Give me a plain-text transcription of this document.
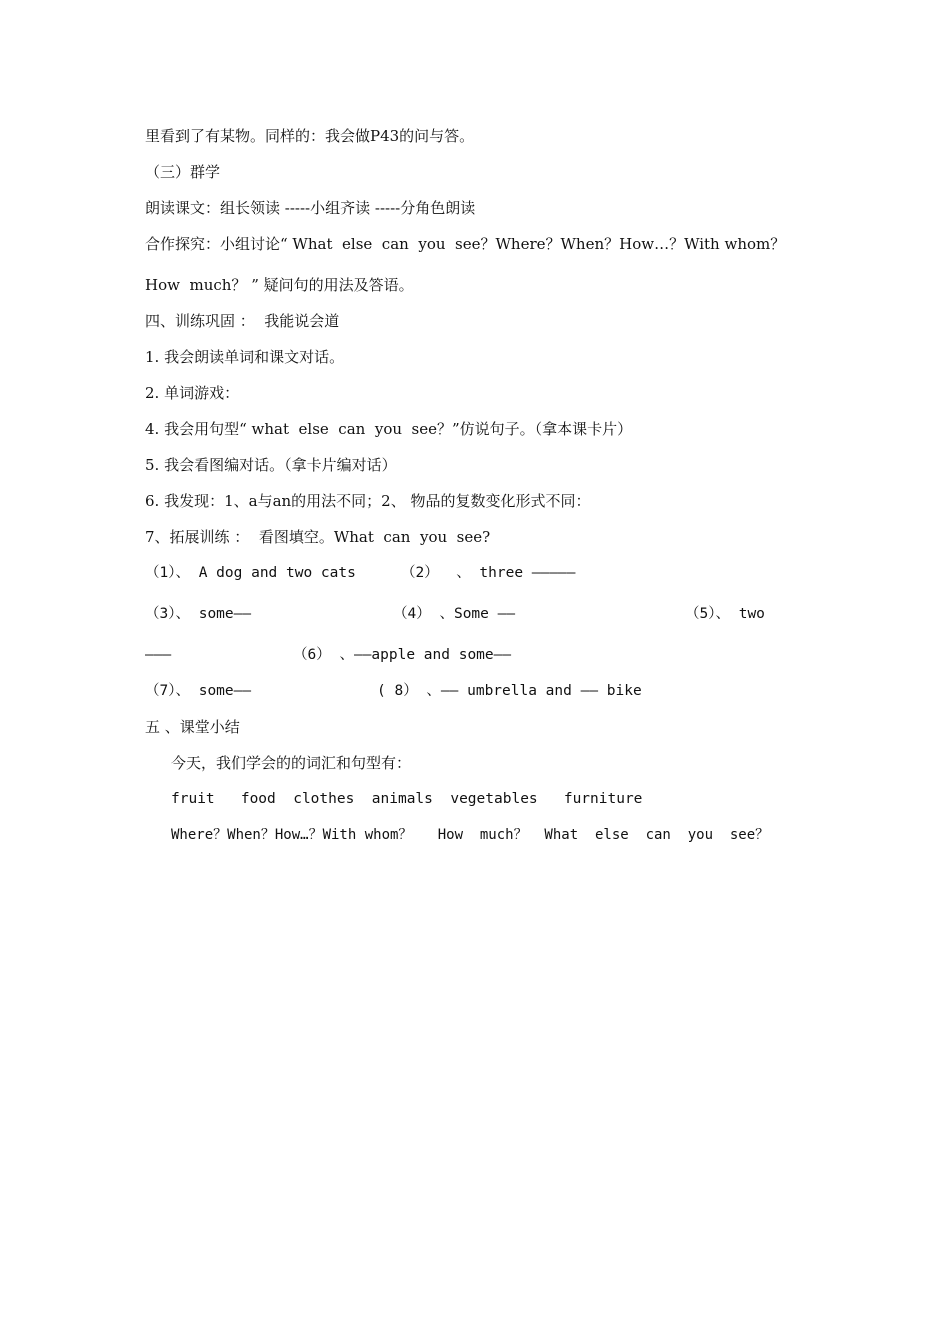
里看到了有某物。同样的：我会做P43的问与答。
（三）群学
朗读课文：组长领读 -----小组齐读 -----分角色朗读
合作探究：小组讨论“ What  else  can  you  see？Where？When？How…？With whom？
How  much？ ” 疑问句的用法及答语。
四、训练巩固 ：  我能说会道
1. 我会朗读单词和课文对话。
2. 单词游戏：
4. 我会用句型“ what  else  can  you  see？”仿说句子。（拿本课卡片）
5. 我会看图编对话。（拿卡片编对话）
6. 我发现：1、a与an的用法不同；2、 物品的复数变化形式不同：
7、拓展训练 ：  看图填空。What  can  you  see?

（1）、 A dog and two cats

	（2）  、 three —————

（3）、 some——

	（4） 、Some ——

	（5）、 two

———

	（6） 、——apple and some——

（7）、 some——

	( 8） 、—— umbrella and —— bike

五 、课堂小结
今天，我们学会的的词汇和句型有：
fruit   food  clothes  animals  vegetables   furniture
Where？When？How…？With whom？   How  much？  What  else  can  you  see？
